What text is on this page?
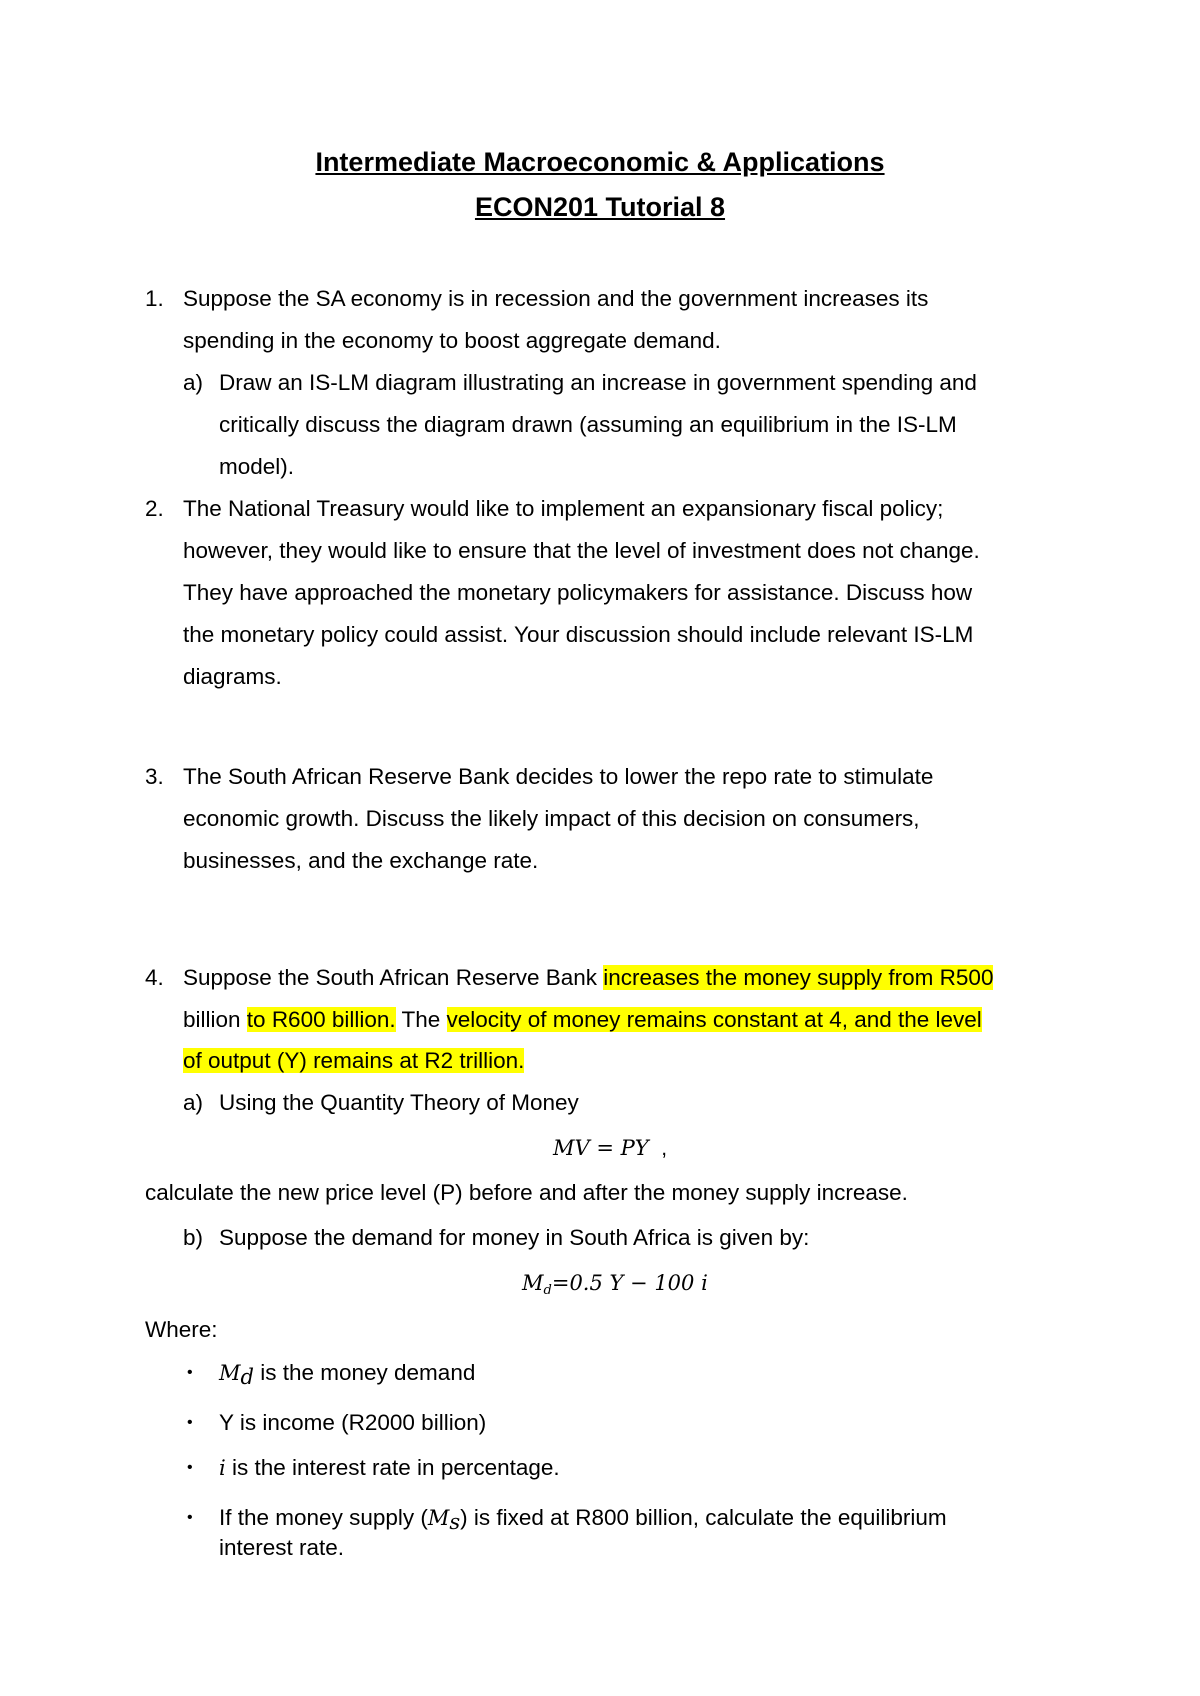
Intermediate Macroeconomic & Applications
ECON201 Tutorial 8
1. Suppose the SA economy is in recession and the government increases its
spending in the economy to boost aggregate demand.
a) Draw an IS-LM diagram illustrating an increase in government spending and
critically discuss the diagram drawn (assuming an equilibrium in the IS-LM
model).
2. The National Treasury would like to implement an expansionary fiscal policy;
however, they would like to ensure that the level of investment does not change.
They have approached the monetary policymakers for assistance. Discuss how
the monetary policy could assist. Your discussion should include relevant IS-LM
diagrams.
3. The South African Reserve Bank decides to lower the repo rate to stimulate
economic growth. Discuss the likely impact of this decision on consumers,
businesses, and the exchange rate.
4. Suppose the South African Reserve Bank increases the money supply from R500
billion to R600 billion. The velocity of money remains constant at 4, and the level
of output (Y) remains at R2 trillion.
a) Using the Quantity Theory of Money
MV = PY ,
calculate the new price level (P) before and after the money supply increase.
b) Suppose the demand for money in South Africa is given by:
$M_d=0.5$ Y − 100 i
Where:
• $M_d$ is the money demand
• Y is income (R2000 billion)
• i is the interest rate in percentage.
• If the money supply $(M_s)$ is fixed at R800 billion, calculate the equilibrium
interest rate.
